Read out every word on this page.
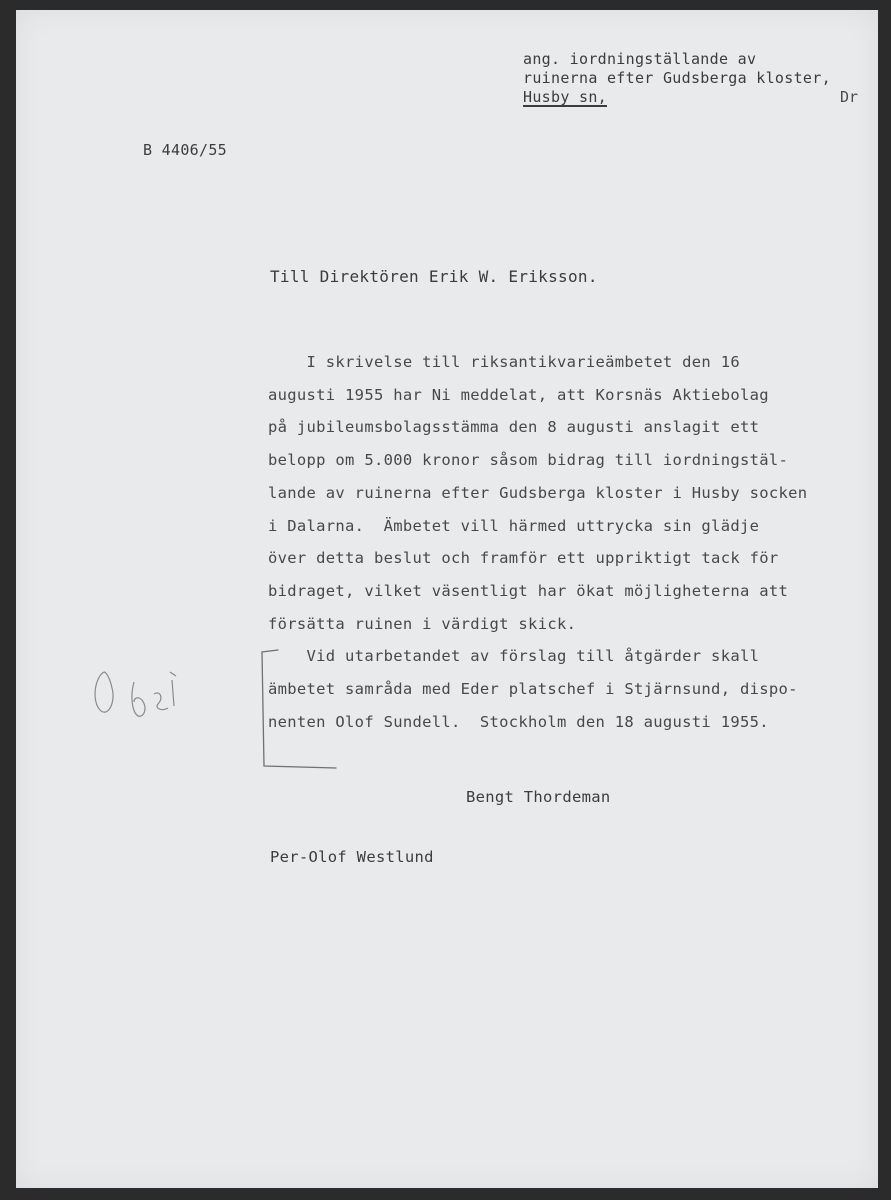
ang. iordningställande av
ruinerna efter Gudsberga kloster,
Husby sn,	Dr
B 4406/55
Till Direktören Erik W. Eriksson.
I skrivelse till riksantikvarieämbetet den 16
augusti 1955 har Ni meddelat, att Korsnäs Aktiebolag
på jubileumsbolagsstämma den 8 augusti anslagit ett
belopp om 5.000 kronor såsom bidrag till iordningstäl-
lande av ruinerna efter Gudsberga kloster i Husby socken
i Dalarna.  Ämbetet vill härmed uttrycka sin glädje
över detta beslut och framför ett uppriktigt tack för
bidraget, vilket väsentligt har ökat möjligheterna att
försätta ruinen i värdigt skick.
Vid utarbetandet av förslag till åtgärder skall
ämbetet samråda med Eder platschef i Stjärnsund, dispo-
nenten Olof Sundell.  Stockholm den 18 augusti 1955.
Bengt Thordeman
Per-Olof Westlund
